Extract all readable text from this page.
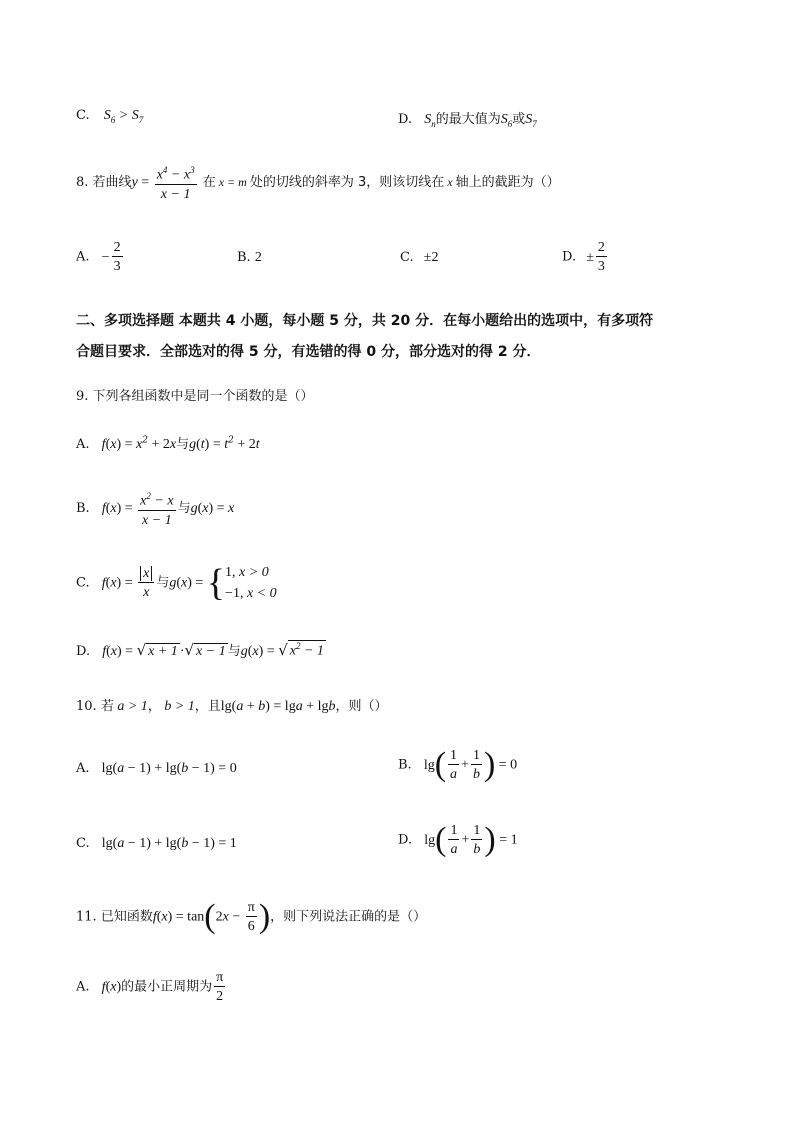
C. $S_6 > S_7$	D. $S_n$的最大值为$S_6$或$S_7$
8. 若曲线$y = \frac{x^4 - x^3}{x - 1}$ 在 x = m 处的切线的斜率为 3，则该切线在 x 轴上的截距为（）
A. − $\frac{2}{3}$	B. 2	C. ±2	D. ± $\frac{2}{3}$
二、多项选择题 本题共 4 小题，每小题 5 分，共 20 分．在每小题给出的选项中，有多项符
合题目要求．全部选对的得 5 分，有选错的得 0 分，部分选对的得 2 分．
9. 下列各组函数中是同一个函数的是（）
A. $f(x) = x^2 + 2x$与$g(t) = t^2 + 2t$
B. $f(x) = \frac{x^2 - x}{x - 1}$ 与g(x) = x
C. $f(x) = \frac{x}{x}$ 与g(x) = { 1, x > 0
−1, x < 0
D. f(x) = √ x + 1 ·√ x − 1 与g(x) = √ $x^2 - 1$
10. 若 a > 1， b > 1，且lg(a + b) = lga + lgb，则（）
A. lg(a − 1) + lg(b − 1) = 0	B. $\lg( \frac{1}{a} + \frac{1}{b}$ ) = 0
C. lg(a − 1) + lg(b − 1) = 1	D. $\lg( \frac{1}{a} + \frac{1}{b}$ ) = 1
11. 已知函数$f(x) = \tan(2x - \frac{\pi}{6}$ )，则下列说法正确的是（）
A. f(x)的最小正周期为 $\frac{\pi}{2}$
